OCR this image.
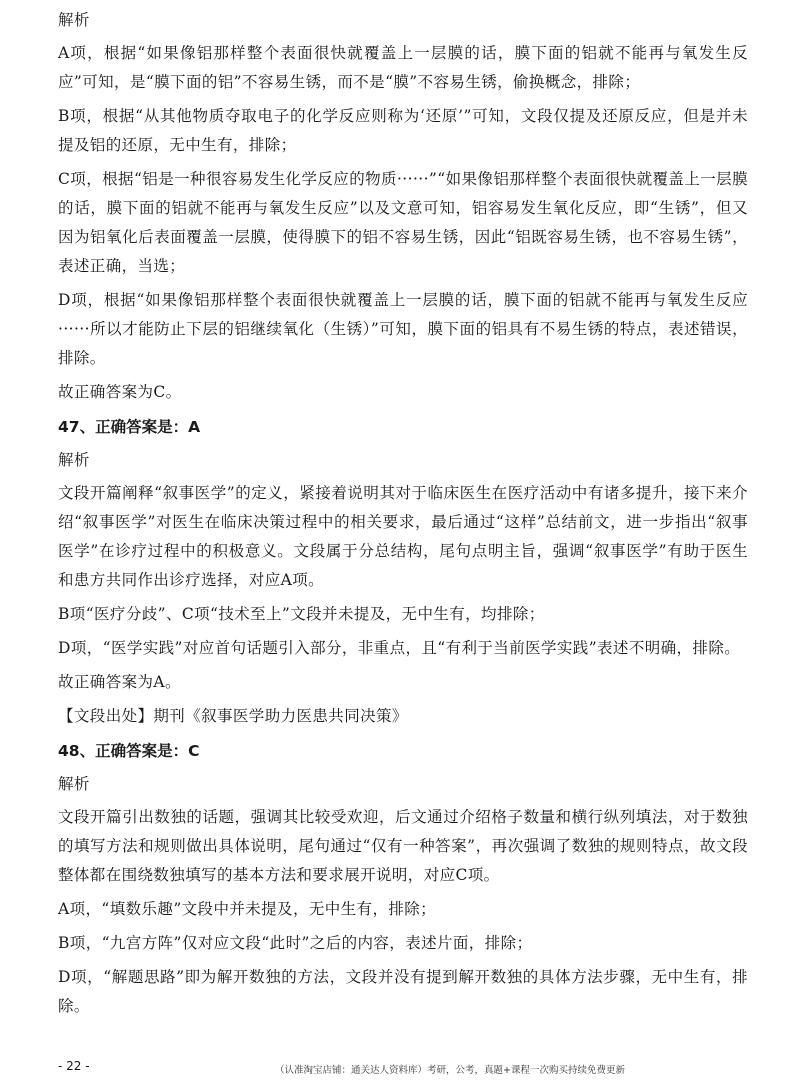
解析
A项，根据“如果像铝那样整个表面很快就覆盖上一层膜的话，膜下面的铝就不能再与氧发生反应”可知，是“膜下面的铝”不容易生锈，而不是“膜”不容易生锈，偷换概念，排除；
B项，根据“从其他物质夺取电子的化学反应则称为‘还原’”可知，文段仅提及还原反应，但是并未提及铝的还原，无中生有，排除；
C项，根据“铝是一种很容易发生化学反应的物质······”“如果像铝那样整个表面很快就覆盖上一层膜的话，膜下面的铝就不能再与氧发生反应”以及文意可知，铝容易发生氧化反应，即“生锈”，但又因为铝氧化后表面覆盖一层膜，使得膜下的铝不容易生锈，因此“铝既容易生锈，也不容易生锈”，表述正确，当选；
D项，根据“如果像铝那样整个表面很快就覆盖上一层膜的话，膜下面的铝就不能再与氧发生反应······所以才能防止下层的铝继续氧化（生锈）”可知，膜下面的铝具有不易生锈的特点，表述错误，排除。
故正确答案为C。
47、正确答案是：A
解析
文段开篇阐释“叙事医学”的定义，紧接着说明其对于临床医生在医疗活动中有诸多提升，接下来介绍“叙事医学”对医生在临床决策过程中的相关要求，最后通过“这样”总结前文，进一步指出“叙事医学”在诊疗过程中的积极意义。文段属于分总结构，尾句点明主旨，强调“叙事医学”有助于医生和患方共同作出诊疗选择，对应A项。
B项“医疗分歧”、C项“技术至上”文段并未提及，无中生有，均排除；
D项，“医学实践”对应首句话题引入部分，非重点，且“有利于当前医学实践”表述不明确，排除。
故正确答案为A。
【文段出处】期刊《叙事医学助力医患共同决策》
48、正确答案是：C
解析
文段开篇引出数独的话题，强调其比较受欢迎，后文通过介绍格子数量和横行纵列填法，对于数独的填写方法和规则做出具体说明，尾句通过“仅有一种答案”，再次强调了数独的规则特点，故文段整体都在围绕数独填写的基本方法和要求展开说明，对应C项。
A项，“填数乐趣”文段中并未提及，无中生有，排除；
B项，“九宫方阵”仅对应文段“此时”之后的内容，表述片面，排除；
D项，“解题思路”即为解开数独的方法，文段并没有提到解开数独的具体方法步骤，无中生有，排除。
- 22 -	（认准淘宝店铺：通关达人资料库）考研，公考，真题+课程一次购买持续免费更新
